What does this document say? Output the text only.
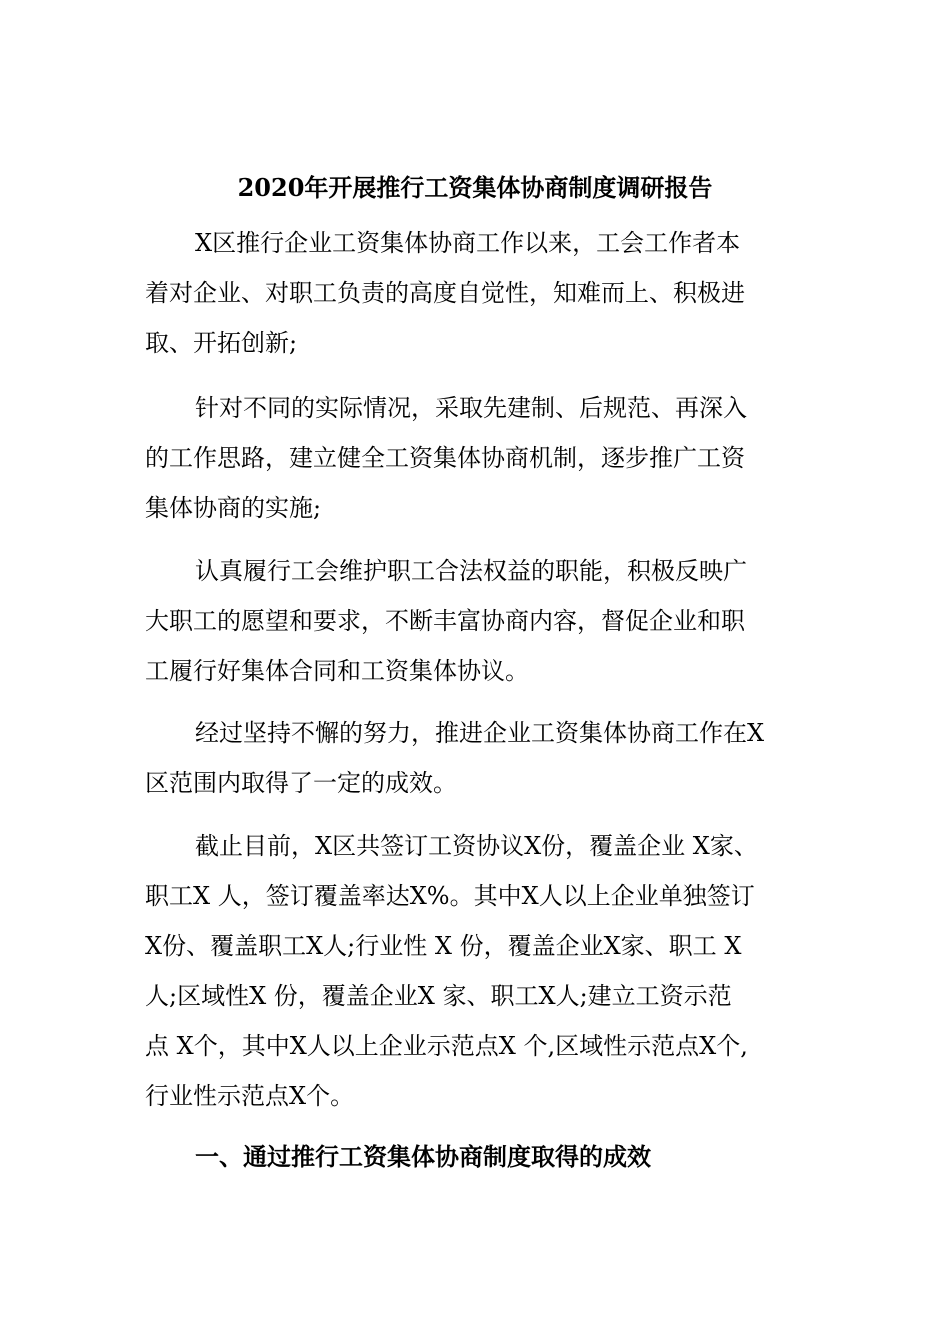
2020年开展推行工资集体协商制度调研报告
X区推行企业工资集体协商工作以来，工会工作者本
着对企业、对职工负责的高度自觉性，知难而上、积极进
取、开拓创新;
针对不同的实际情况，采取先建制、后规范、再深入
的工作思路，建立健全工资集体协商机制，逐步推广工资
集体协商的实施;
认真履行工会维护职工合法权益的职能，积极反映广
大职工的愿望和要求，不断丰富协商内容，督促企业和职
工履行好集体合同和工资集体协议。
经过坚持不懈的努力，推进企业工资集体协商工作在X
区范围内取得了一定的成效。
截止目前，X区共签订工资协议X份，覆盖企业 X家、
职工X 人，签订覆盖率达X%。其中X人以上企业单独签订
X份、覆盖职工X人;行业性 X 份，覆盖企业X家、职工 X
人;区域性X 份，覆盖企业X 家、职工X人;建立工资示范
点 X个，其中X人以上企业示范点X 个,区域性示范点X个,
行业性示范点X个。
一、通过推行工资集体协商制度取得的成效
